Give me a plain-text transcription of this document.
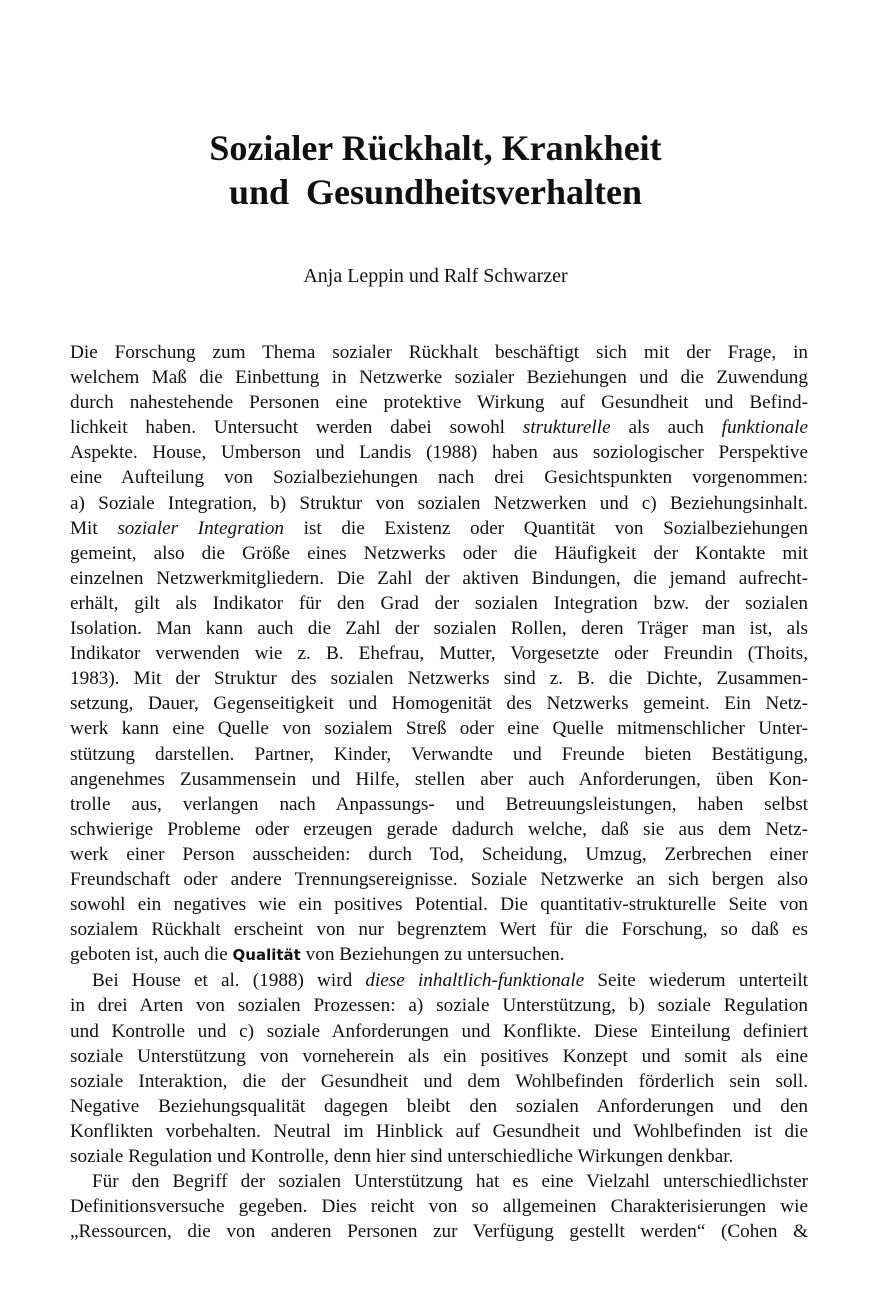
Sozialer Rückhalt, Krankheit
und Gesundheitsverhalten
Anja Leppin und Ralf Schwarzer

Die Forschung zum Thema sozialer Rückhalt beschäftigt sich mit der Frage, in
welchem Maß die Einbettung in Netzwerke sozialer Beziehungen und die Zuwendung
durch nahestehende Personen eine protektive Wirkung auf Gesundheit und Befind-
lichkeit haben. Untersucht werden dabei sowohl strukturelle als auch funktionale
Aspekte. House, Umberson und Landis (1988) haben aus soziologischer Perspektive
eine Aufteilung von Sozialbeziehungen nach drei Gesichtspunkten vorgenommen:
a) Soziale Integration, b) Struktur von sozialen Netzwerken und c) Beziehungsinhalt.
Mit sozialer Integration ist die Existenz oder Quantität von Sozialbeziehungen
gemeint, also die Größe eines Netzwerks oder die Häufigkeit der Kontakte mit
einzelnen Netzwerkmitgliedern. Die Zahl der aktiven Bindungen, die jemand aufrecht-
erhält, gilt als Indikator für den Grad der sozialen Integration bzw. der sozialen
Isolation. Man kann auch die Zahl der sozialen Rollen, deren Träger man ist, als
Indikator verwenden wie z. B. Ehefrau, Mutter, Vorgesetzte oder Freundin (Thoits,
1983). Mit der Struktur des sozialen Netzwerks sind z. B. die Dichte, Zusammen-
setzung, Dauer, Gegenseitigkeit und Homogenität des Netzwerks gemeint. Ein Netz-
werk kann eine Quelle von sozialem Streß oder eine Quelle mitmenschlicher Unter-
stützung darstellen. Partner, Kinder, Verwandte und Freunde bieten Bestätigung,
angenehmes Zusammensein und Hilfe, stellen aber auch Anforderungen, üben Kon-
trolle aus, verlangen nach Anpassungs- und Betreuungsleistungen, haben selbst
schwierige Probleme oder erzeugen gerade dadurch welche, daß sie aus dem Netz-
werk einer Person ausscheiden: durch Tod, Scheidung, Umzug, Zerbrechen einer
Freundschaft oder andere Trennungsereignisse. Soziale Netzwerke an sich bergen also
sowohl ein negatives wie ein positives Potential. Die quantitativ-strukturelle Seite von
sozialem Rückhalt erscheint von nur begrenztem Wert für die Forschung, so daß es
geboten ist, auch die Qualität von Beziehungen zu untersuchen.

Bei House et al. (1988) wird diese inhaltlich-funktionale Seite wiederum unterteilt
in drei Arten von sozialen Prozessen: a) soziale Unterstützung, b) soziale Regulation
und Kontrolle und c) soziale Anforderungen und Konflikte. Diese Einteilung definiert
soziale Unterstützung von vorneherein als ein positives Konzept und somit als eine
soziale Interaktion, die der Gesundheit und dem Wohlbefinden förderlich sein soll.
Negative Beziehungsqualität dagegen bleibt den sozialen Anforderungen und den
Konflikten vorbehalten. Neutral im Hinblick auf Gesundheit und Wohlbefinden ist die
soziale Regulation und Kontrolle, denn hier sind unterschiedliche Wirkungen denkbar.

Für den Begriff der sozialen Unterstützung hat es eine Vielzahl unterschiedlichster
Definitionsversuche gegeben. Dies reicht von so allgemeinen Charakterisierungen wie
„Ressourcen, die von anderen Personen zur Verfügung gestellt werden“ (Cohen &
